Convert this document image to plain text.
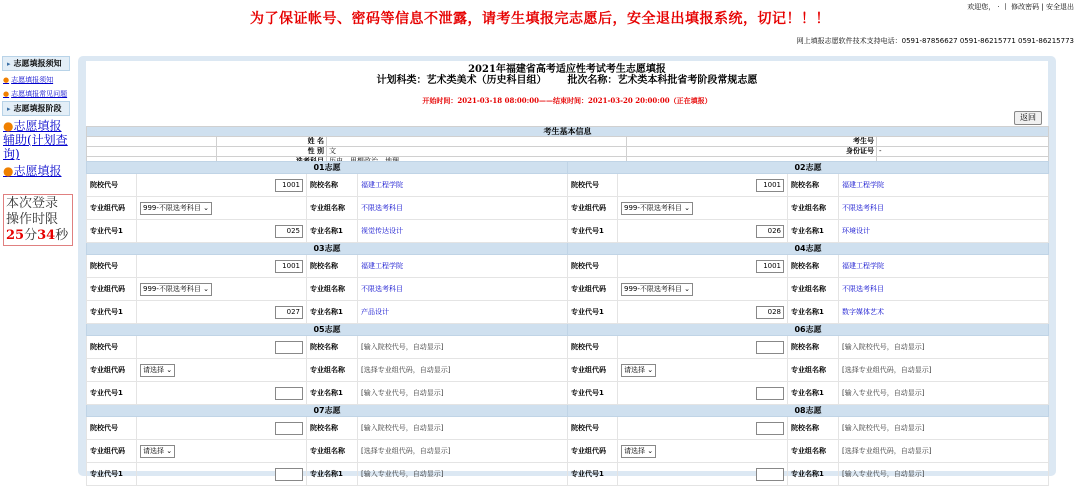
为了保证帐号、密码等信息不泄露，请考生填报完志愿后，安全退出填报系统，切记！！！
欢迎您， · 丨 修改密码 | 安全退出
网上填报志愿软件技术支持电话：0591-87856627 0591-86215771 0591-86215773
▸ 志愿填报须知
● 志愿填报须知
● 志愿填报常见问题
▸ 志愿填报阶段
●志愿填报辅助(计划查询)
●志愿填报
本次登录操作时限25分34秒
2021年福建省高考适应性考试考生志愿填报
计划科类：艺术类美术（历史科目组） 批次名称：艺术类本科批省考阶段常规志愿
开始时间：2021-03-18 08:00:00——结束时间：2021-03-20 20:00:00（正在填报）
返回
考生基本信息				
	姓 名		考生号	
	性 别	文	身份证号	-

01志愿				02志愿			
院校代号	1001	院校名称	福建工程学院	院校代号	1001	院校名称	福建工程学院
专业组代码	999-不限选考科目 ⌄	专业组名称	不限选考科目	专业组代码	999-不限选考科目 ⌄	专业组名称	不限选考科目
专业代号1	025	专业名称1	视觉传达设计	专业代号1	026	专业名称1	环境设计
03志愿				04志愿			
院校代号	1001	院校名称	福建工程学院	院校代号	1001	院校名称	福建工程学院
专业组代码	999-不限选考科目 ⌄	专业组名称	不限选考科目	专业组代码	999-不限选考科目 ⌄	专业组名称	不限选考科目
专业代号1	027	专业名称1	产品设计	专业代号1	028	专业名称1	数字媒体艺术
05志愿				06志愿			
院校代号		院校名称	[输入院校代号，自动显示]	院校代号		院校名称	[输入院校代号，自动显示]
专业组代码	请选择 ⌄	专业组名称	[选择专业组代码，自动显示]	专业组代码	请选择 ⌄	专业组名称	[选择专业组代码，自动显示]
专业代号1		专业名称1	[输入专业代号，自动显示]	专业代号1		专业名称1	[输入专业代号，自动显示]
07志愿				08志愿			
院校代号		院校名称	[输入院校代号，自动显示]	院校代号		院校名称	[输入院校代号，自动显示]
专业组代码	请选择 ⌄	专业组名称	[选择专业组代码，自动显示]	专业组代码	请选择 ⌄	专业组名称	[选择专业组代码，自动显示]
专业代号1		专业名称1	[输入专业代号，自动显示]	专业代号1		专业名称1	[输入专业代号，自动显示]
